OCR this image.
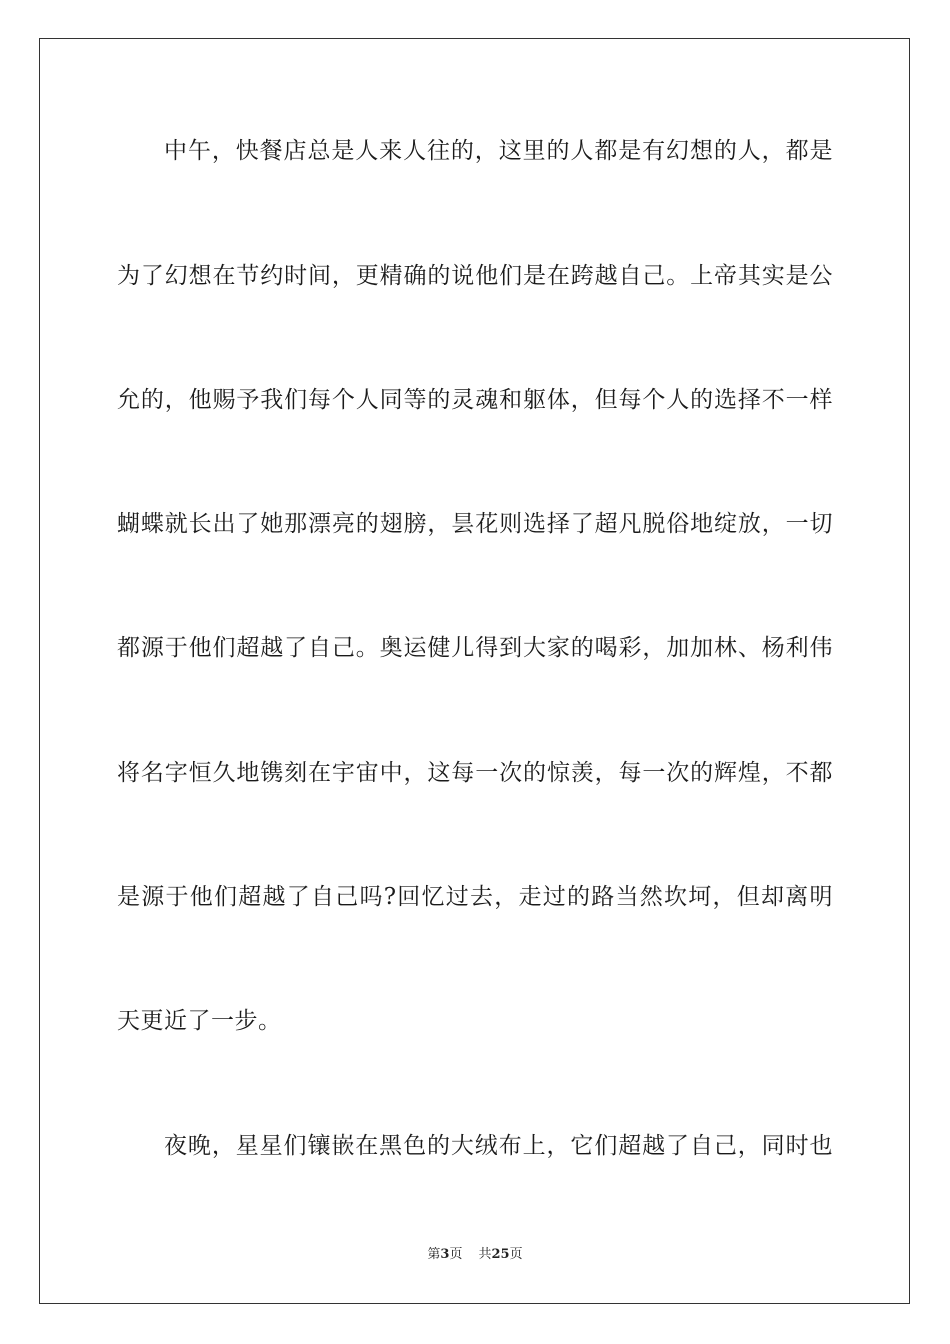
中午，快餐店总是人来人往的，这里的人都是有幻想的人，都是
为了幻想在节约时间，更精确的说他们是在跨越自己。上帝其实是公
允的，他赐予我们每个人同等的灵魂和躯体，但每个人的选择不一样
蝴蝶就长出了她那漂亮的翅膀，昙花则选择了超凡脱俗地绽放，一切
都源于他们超越了自己。奥运健儿得到大家的喝彩，加加林、杨利伟
将名字恒久地镌刻在宇宙中，这每一次的惊羡，每一次的辉煌，不都
是源于他们超越了自己吗?回忆过去，走过的路当然坎坷，但却离明
天更近了一步。
夜晚，星星们镶嵌在黑色的大绒布上，它们超越了自己，同时也
第3页 共25页
